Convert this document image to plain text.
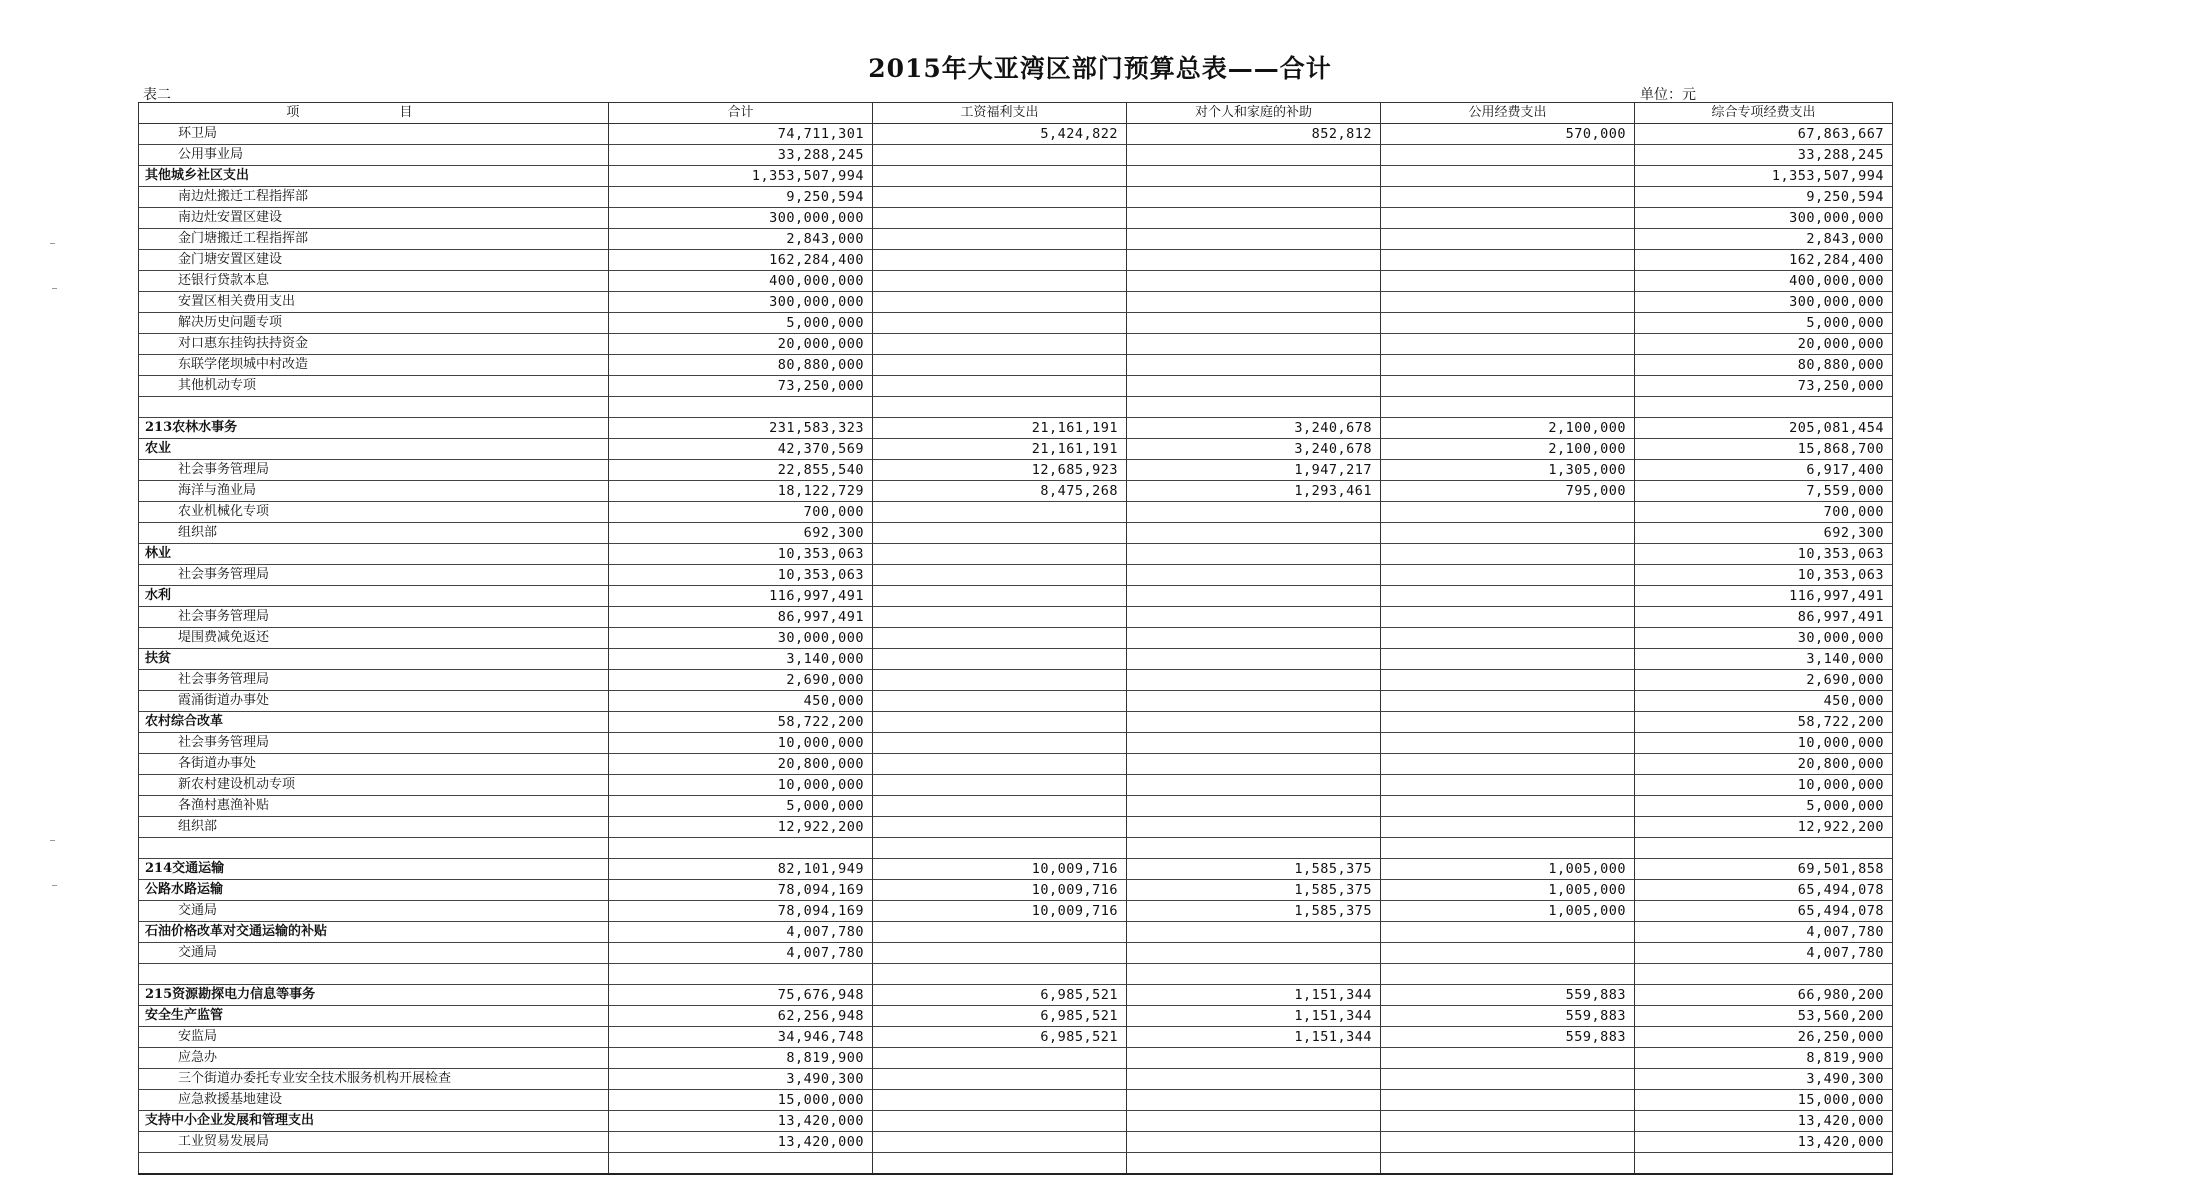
2015年大亚湾区部门预算总表——合计
表二	单位：元
项 目	合计	工资福利支出	对个人和家庭的补助	公用经费支出	综合专项经费支出
环卫局	74,711,301	5,424,822	852,812	570,000	67,863,667
公用事业局	33,288,245				33,288,245
其他城乡社区支出	1,353,507,994				1,353,507,994
南边灶搬迁工程指挥部	9,250,594				9,250,594
南边灶安置区建设	300,000,000				300,000,000
金门塘搬迁工程指挥部	2,843,000				2,843,000
金门塘安置区建设	162,284,400				162,284,400
还银行贷款本息	400,000,000				400,000,000
安置区相关费用支出	300,000,000				300,000,000
解决历史问题专项	5,000,000				5,000,000
对口惠东挂钩扶持资金	20,000,000				20,000,000
东联学佬坝城中村改造	80,880,000				80,880,000
其他机动专项	73,250,000				73,250,000

213农林水事务	231,583,323	21,161,191	3,240,678	2,100,000	205,081,454
农业	42,370,569	21,161,191	3,240,678	2,100,000	15,868,700
社会事务管理局	22,855,540	12,685,923	1,947,217	1,305,000	6,917,400
海洋与渔业局	18,122,729	8,475,268	1,293,461	795,000	7,559,000
农业机械化专项	700,000				700,000
组织部	692,300				692,300
林业	10,353,063				10,353,063
社会事务管理局	10,353,063				10,353,063
水利	116,997,491				116,997,491
社会事务管理局	86,997,491				86,997,491
堤围费减免返还	30,000,000				30,000,000
扶贫	3,140,000				3,140,000
社会事务管理局	2,690,000				2,690,000
霞涌街道办事处	450,000				450,000
农村综合改革	58,722,200				58,722,200
社会事务管理局	10,000,000				10,000,000
各街道办事处	20,800,000				20,800,000
新农村建设机动专项	10,000,000				10,000,000
各渔村惠渔补贴	5,000,000				5,000,000
组织部	12,922,200				12,922,200

214交通运输	82,101,949	10,009,716	1,585,375	1,005,000	69,501,858
公路水路运输	78,094,169	10,009,716	1,585,375	1,005,000	65,494,078
交通局	78,094,169	10,009,716	1,585,375	1,005,000	65,494,078
石油价格改革对交通运输的补贴	4,007,780				4,007,780
交通局	4,007,780				4,007,780

215资源勘探电力信息等事务	75,676,948	6,985,521	1,151,344	559,883	66,980,200
安全生产监管	62,256,948	6,985,521	1,151,344	559,883	53,560,200
安监局	34,946,748	6,985,521	1,151,344	559,883	26,250,000
应急办	8,819,900				8,819,900
三个街道办委托专业安全技术服务机构开展检查	3,490,300				3,490,300
应急救援基地建设	15,000,000				15,000,000
支持中小企业发展和管理支出	13,420,000				13,420,000
工业贸易发展局	13,420,000				13,420,000
